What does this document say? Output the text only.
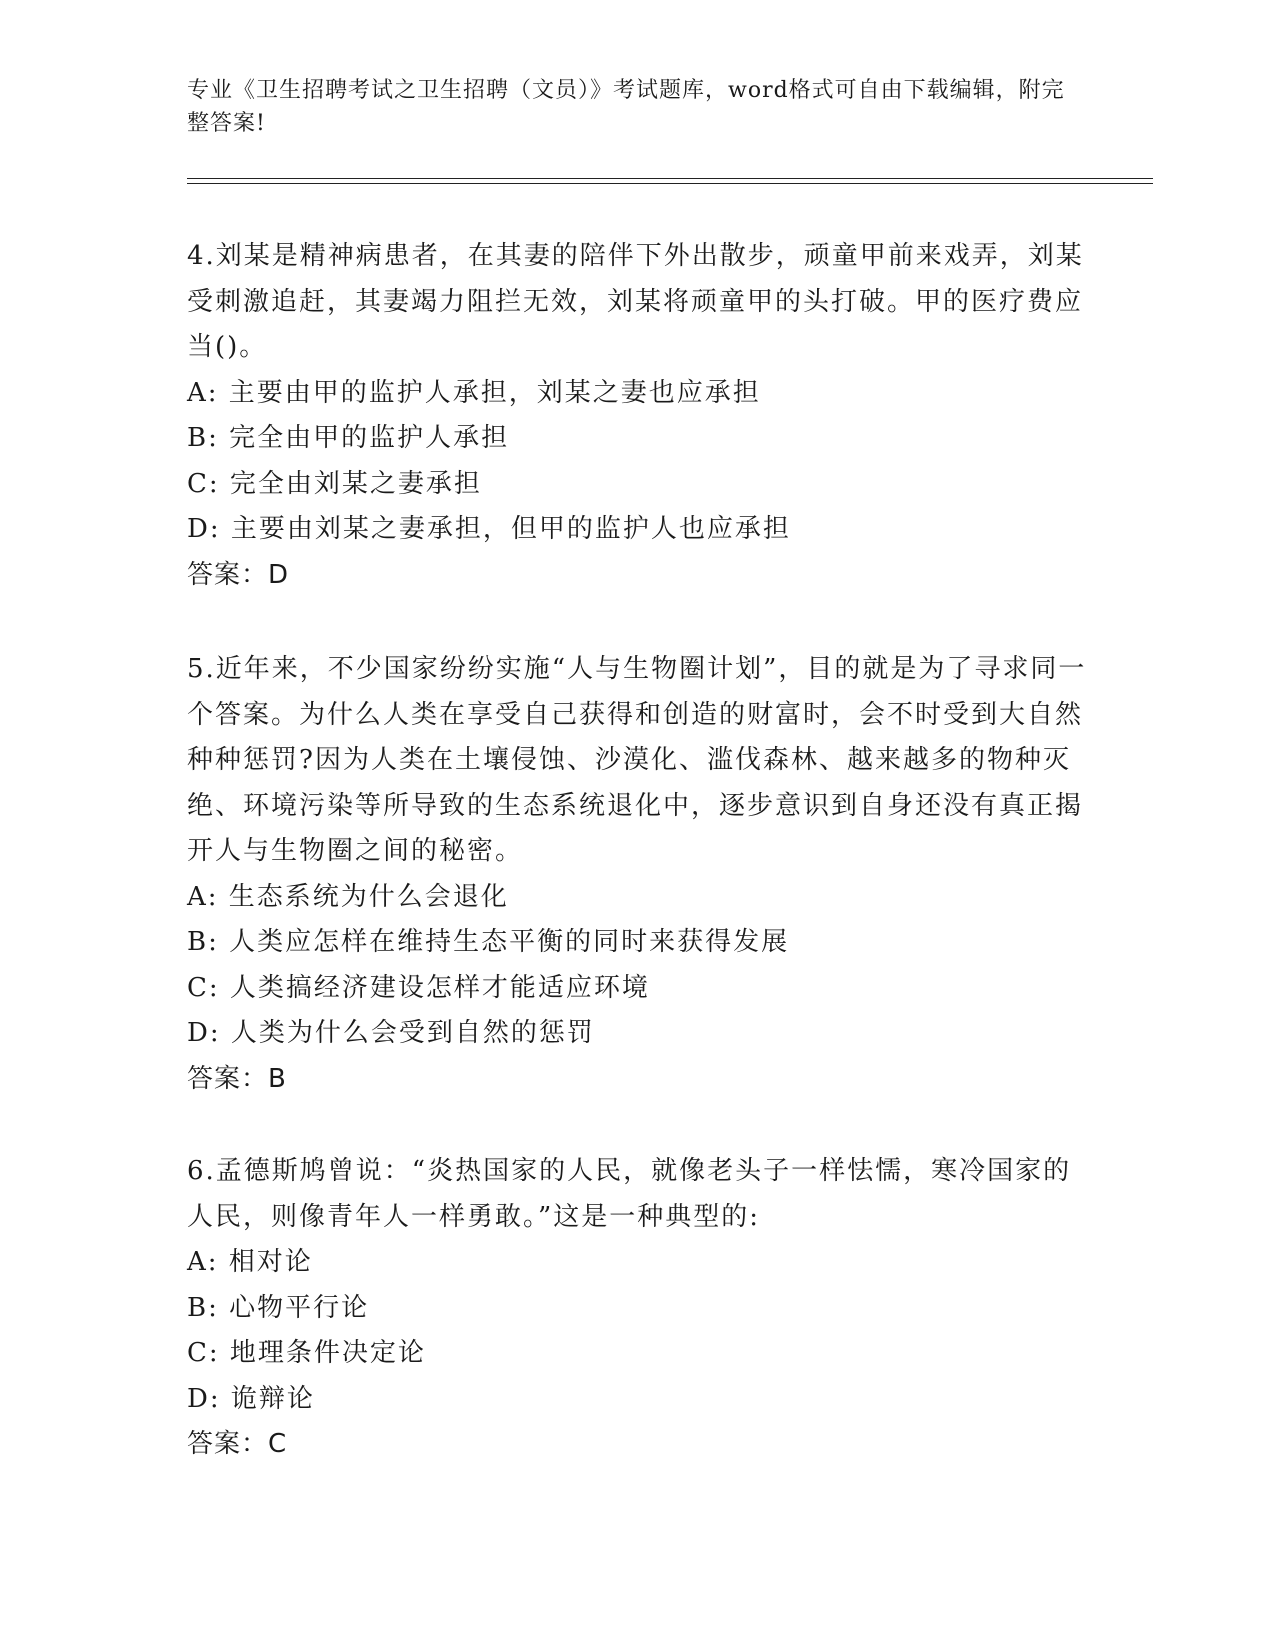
专业《卫生招聘考试之卫生招聘（文员）》考试题库，word格式可自由下载编辑，附完整答案!
4.刘某是精神病患者，在其妻的陪伴下外出散步，顽童甲前来戏弄，刘某受刺激追赶，其妻竭力阻拦无效，刘某将顽童甲的头打破。甲的医疗费应当()。
A: 主要由甲的监护人承担，刘某之妻也应承担
B: 完全由甲的监护人承担
C: 完全由刘某之妻承担
D: 主要由刘某之妻承担，但甲的监护人也应承担
答案：D
5.近年来，不少国家纷纷实施“人与生物圈计划”，目的就是为了寻求同一个答案。为什么人类在享受自己获得和创造的财富时，会不时受到大自然种种惩罚?因为人类在土壤侵蚀、沙漠化、滥伐森林、越来越多的物种灭绝、环境污染等所导致的生态系统退化中，逐步意识到自身还没有真正揭开人与生物圈之间的秘密。
A: 生态系统为什么会退化
B: 人类应怎样在维持生态平衡的同时来获得发展
C: 人类搞经济建设怎样才能适应环境
D: 人类为什么会受到自然的惩罚
答案：B
6.孟德斯鸠曾说：“炎热国家的人民，就像老头子一样怯懦，寒冷国家的人民，则像青年人一样勇敢。”这是一种典型的:
A: 相对论
B: 心物平行论
C: 地理条件决定论
D: 诡辩论
答案：C
